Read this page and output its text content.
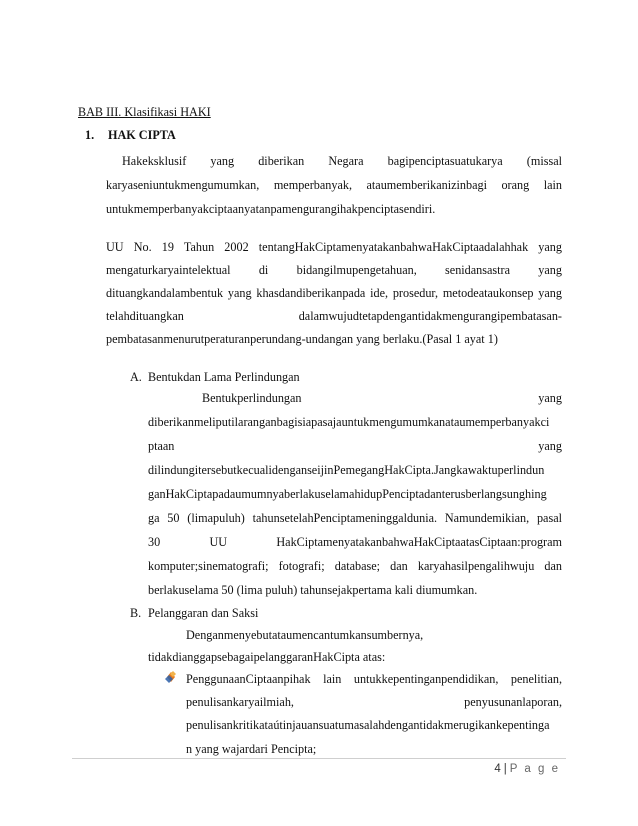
BAB III. Klasifikasi HAKI
1. HAK CIPTA
Hakeksklusif yang diberikan Negara bagipenciptasuatukarya (missal
karyaseniuntukmengumumkan, memperbanyak, ataumemberikanizinbagi orang lain
untukmemperbanyakciptaanyatanpamengurangihakpenciptasendiri.
UU No. 19 Tahun 2002 tentangHakCiptamenyatakanbahwaHakCiptaadalahhak yang
mengaturkaryaintelektual di bidangilmupengetahuan, senidansastra yang
dituangkandalambentuk yang khasdandiberikanpada ide, prosedur, metodeataukonsep yang
telahdituangkan dalamwujudtetapdengantidakmengurangipembatasan-
pembatasanmenurutperaturanperundang-undangan yang berlaku.(Pasal 1 ayat 1)
A. Bentukdan Lama Perlindungan
Bentukperlindungan yang
diberikanmeliputilaranganbagisiapasajauntukmengumumkanataumemperbanyakci
ptaan yang
dilindungitersebutkecualidenganseijinPemegangHakCipta.Jangkawaktuperlindun
ganHakCiptapadaumumnyaberlakuselamahidupPenciptadanterusberlangsunghing
ga 50 (limapuluh) tahunsetelahPenciptameninggaldunia. Namundemikian, pasal
30 UU HakCiptamenyatakanbahwaHakCiptaatasCiptaan:program
komputer;sinematografi; fotografi; database; dan karyahasilpengalihwuju dan
berlakuselama 50 (lima puluh) tahunsejakpertama kali diumumkan.
B. Pelanggaran dan Saksi
Denganmenyebutataumencantumkansumbernya,
tidakdianggapsebagaipelanggaranHakCipta atas:
PenggunaanCiptaanpihak lain untukkepentinganpendidikan, penelitian,
penulisankaryailmiah, penyusunanlaporan,
penulisankritikataútinjauansuatumasalahdengantidakmerugikankepentinga
4 | P a g e
n yang wajardari Pencipta;
